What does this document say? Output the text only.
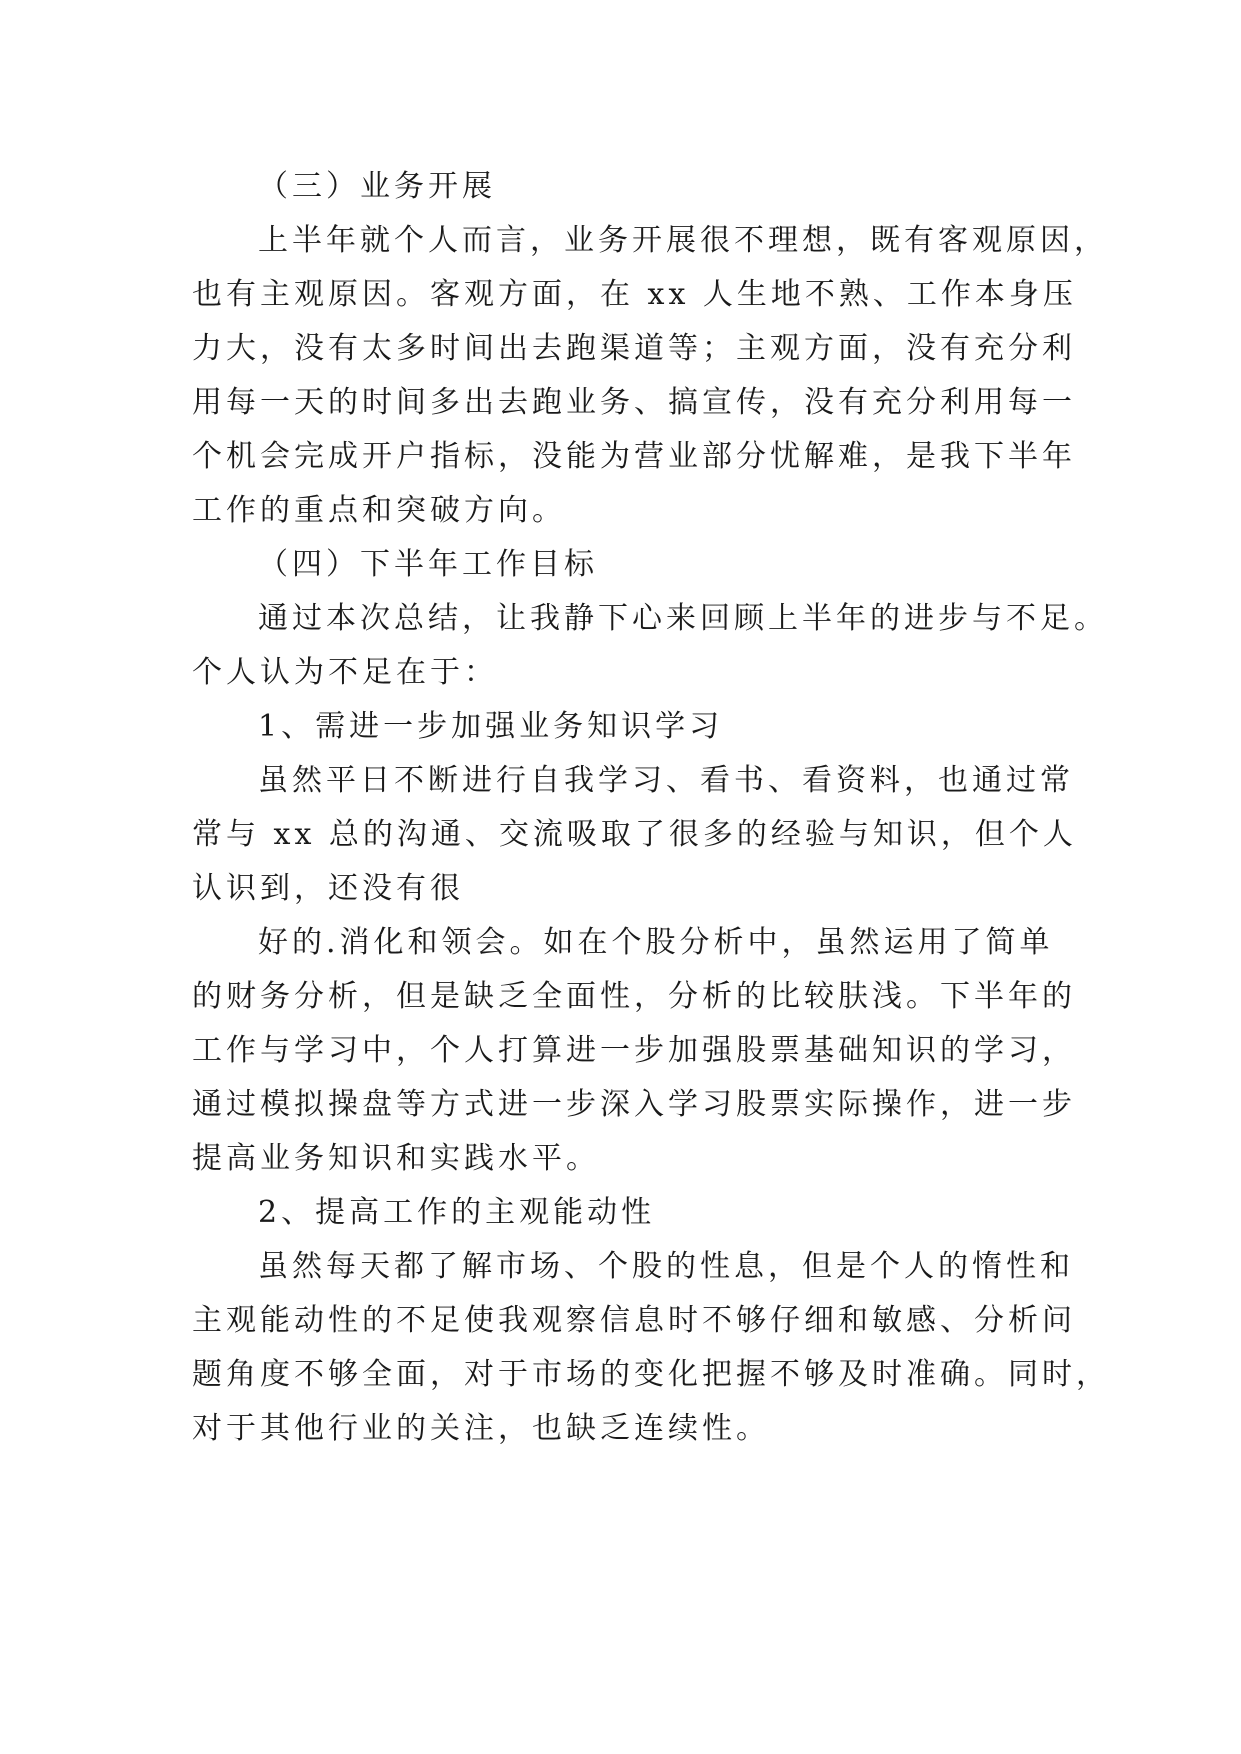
（三）业务开展
上半年就个人而言，业务开展很不理想，既有客观原因，
也有主观原因。客观方面，在 xx 人生地不熟、工作本身压
力大，没有太多时间出去跑渠道等；主观方面，没有充分利
用每一天的时间多出去跑业务、搞宣传，没有充分利用每一
个机会完成开户指标，没能为营业部分忧解难，是我下半年
工作的重点和突破方向。
（四）下半年工作目标
通过本次总结，让我静下心来回顾上半年的进步与不足。
个人认为不足在于：
1、需进一步加强业务知识学习
虽然平日不断进行自我学习、看书、看资料，也通过常
常与 xx 总的沟通、交流吸取了很多的经验与知识，但个人
认识到，还没有很
好的.消化和领会。如在个股分析中，虽然运用了简单
的财务分析，但是缺乏全面性，分析的比较肤浅。下半年的
工作与学习中，个人打算进一步加强股票基础知识的学习，
通过模拟操盘等方式进一步深入学习股票实际操作，进一步
提高业务知识和实践水平。
2、提高工作的主观能动性
虽然每天都了解市场、个股的性息，但是个人的惰性和
主观能动性的不足使我观察信息时不够仔细和敏感、分析问
题角度不够全面，对于市场的变化把握不够及时准确。同时，
对于其他行业的关注，也缺乏连续性。
